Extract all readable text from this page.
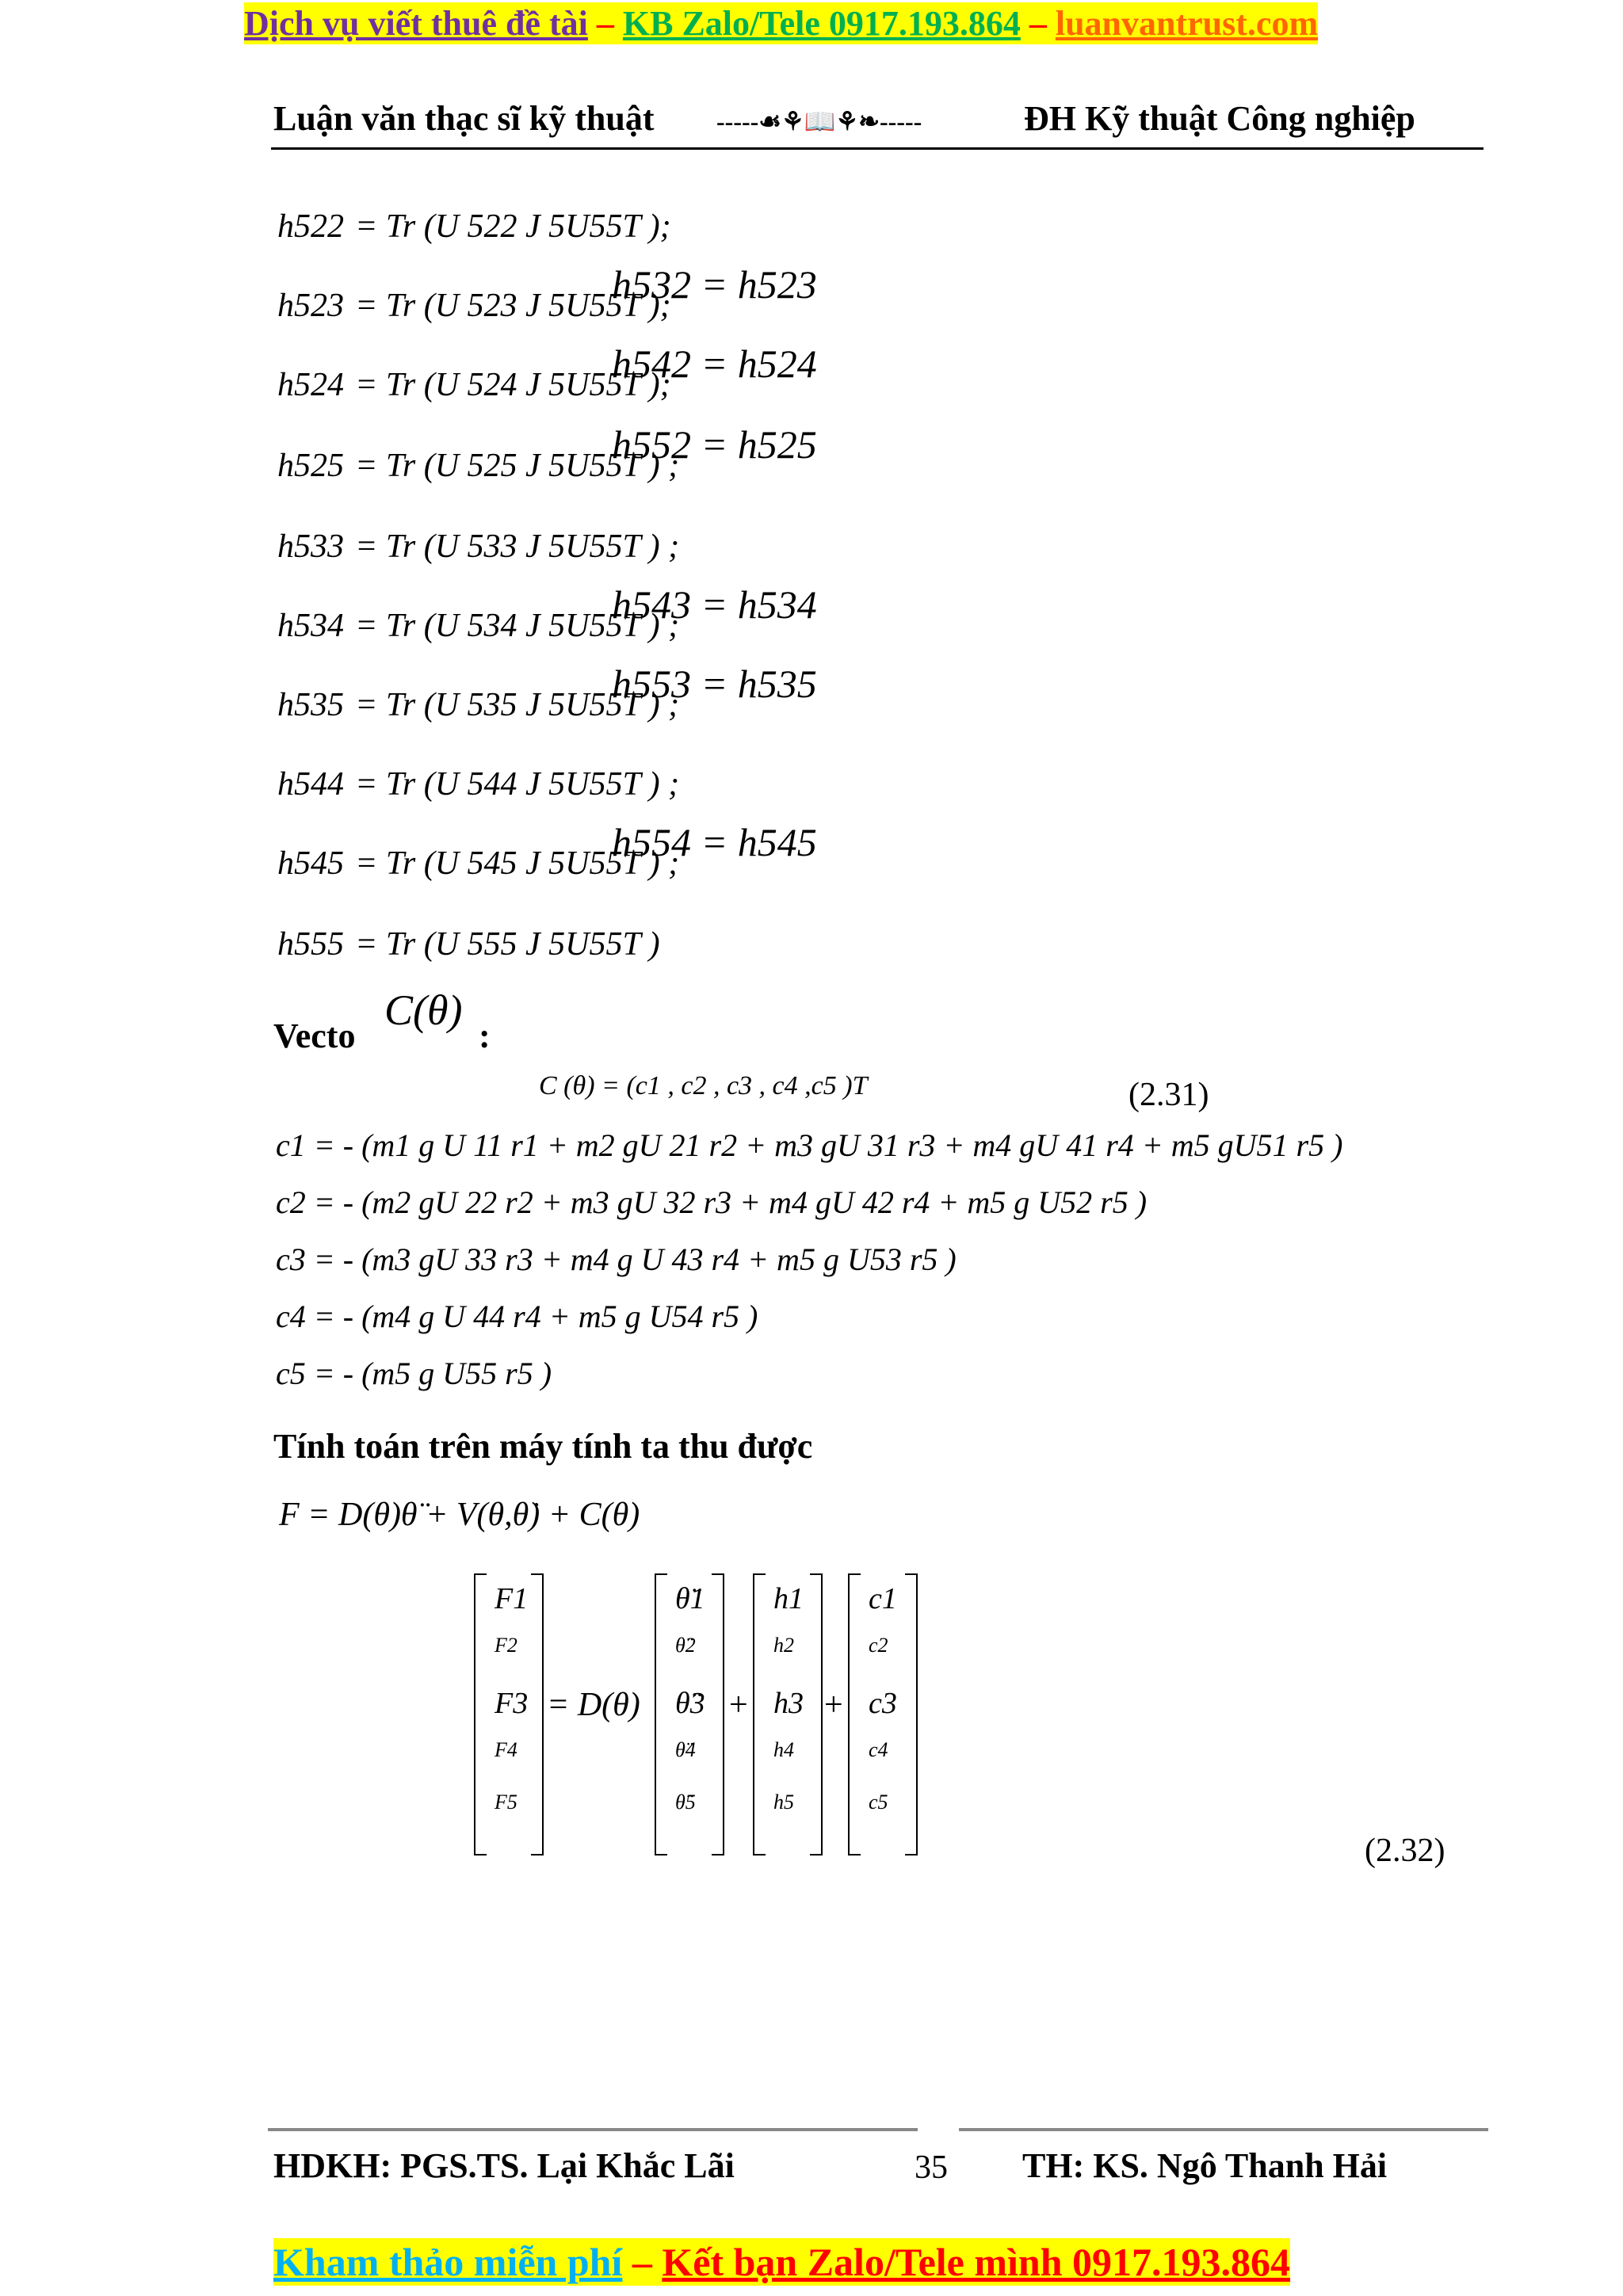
Dịch vụ viết thuê đề tài – KB Zalo/Tele 0917.193.864 – luanvantrust.com
Luận văn thạc sĩ kỹ thuật -----☙⚘📖⚘❧-----	ĐH Kỹ thuật Công nghiệp
h522 = Tr (U 522 J 5U55T );
h523 = Tr (U 523 J 5U55T );
h532 = h523
h524 = Tr (U 524 J 5U55T );
h542 = h524
h525 = Tr (U 525 J 5U55T ) ;
h552 = h525
h533 = Tr (U 533 J 5U55T ) ;
h534 = Tr (U 534 J 5U55T ) ;
h543 = h534
h535 = Tr (U 535 J 5U55T ) ;
h553 = h535
h544 = Tr (U 544 J 5U55T ) ;
h545 = Tr (U 545 J 5U55T ) ;
h554 = h545
h555 = Tr (U 555 J 5U55T )
Vecto
C(θ)
:
C (θ) = (c1 , c2 , c3 , c4 ,c5 )T	(2.31)
c1 = - (m1 g U 11 r1 + m2 gU 21 r2 + m3 gU 31 r3 + m4 gU 41 r4 + m5 gU51 r5 )
c2 = - (m2 gU 22 r2 + m3 gU 32 r3 + m4 gU 42 r4 + m5 g U52 r5 )
c3 = - (m3 gU 33 r3 + m4 g U 43 r4 + m5 g U53 r5 )
c4 = - (m4 g U 44 r4 + m5 g U54 r5 )
c5 = - (m5 g U55 r5 )
Tính toán trên máy tính ta thu được
F = D(θ)θ̈ + V(θ,θ̇) + C(θ)
F1
F2
F3
F4
F5
θ̈1
θ̈2
θ̈3
θ̈4
θ̈5
h1
h2
h3
h4
h5
c1
c2
c3
c4
c5
= D(θ)	+ +
(2.32)
HDKH: PGS.TS. Lại Khắc Lãi	35 TH: KS. Ngô Thanh Hải
Kham thảo miễn phí – Kết bạn Zalo/Tele mình 0917.193.864
